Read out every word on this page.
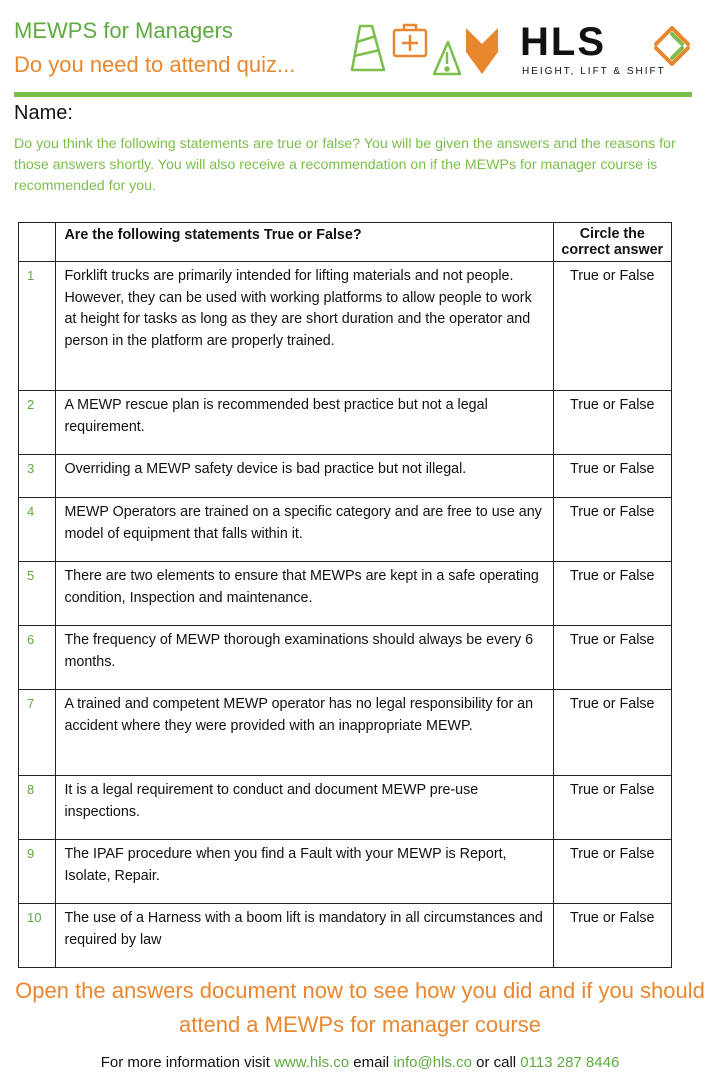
MEWPS for Managers
Do you need to attend quiz...
HLS
HEIGHT, LIFT & SHIFT
Name:
Do you think the following statements are true or false? You will be given the answers and the reasons for those answers shortly. You will also receive a recommendation on if the MEWPs for manager course is recommended for you.
	Are the following statements True or False?	Circle the correct answer
1	Forklift trucks are primarily intended for lifting materials and not people. However, they can be used with working platforms to allow people to work at height for tasks as long as they are short duration and the operator and person in the platform are properly trained.	True or False
2	A MEWP rescue plan is recommended best practice but not a legal requirement.	True or False
3	Overriding a MEWP safety device is bad practice but not illegal.	True or False
4	MEWP Operators are trained on a specific category and are free to use any model of equipment that falls within it.	True or False
5	There are two elements to ensure that MEWPs are kept in a safe operating condition, Inspection and maintenance.	True or False
6	The frequency of MEWP thorough examinations should always be every 6 months.	True or False
7	A trained and competent MEWP operator has no legal responsibility for an accident where they were provided with an inappropriate MEWP.	True or False
8	It is a legal requirement to conduct and document MEWP pre-use inspections.	True or False
9	The IPAF procedure when you find a Fault with your MEWP is Report, Isolate, Repair.	True or False
10	The use of a Harness with a boom lift is mandatory in all circumstances and required by law	True or False
Open the answers document now to see how you did and if you should attend a MEWPs for manager course
For more information visit www.hls.co email info@hls.co or call 0113 287 8446
